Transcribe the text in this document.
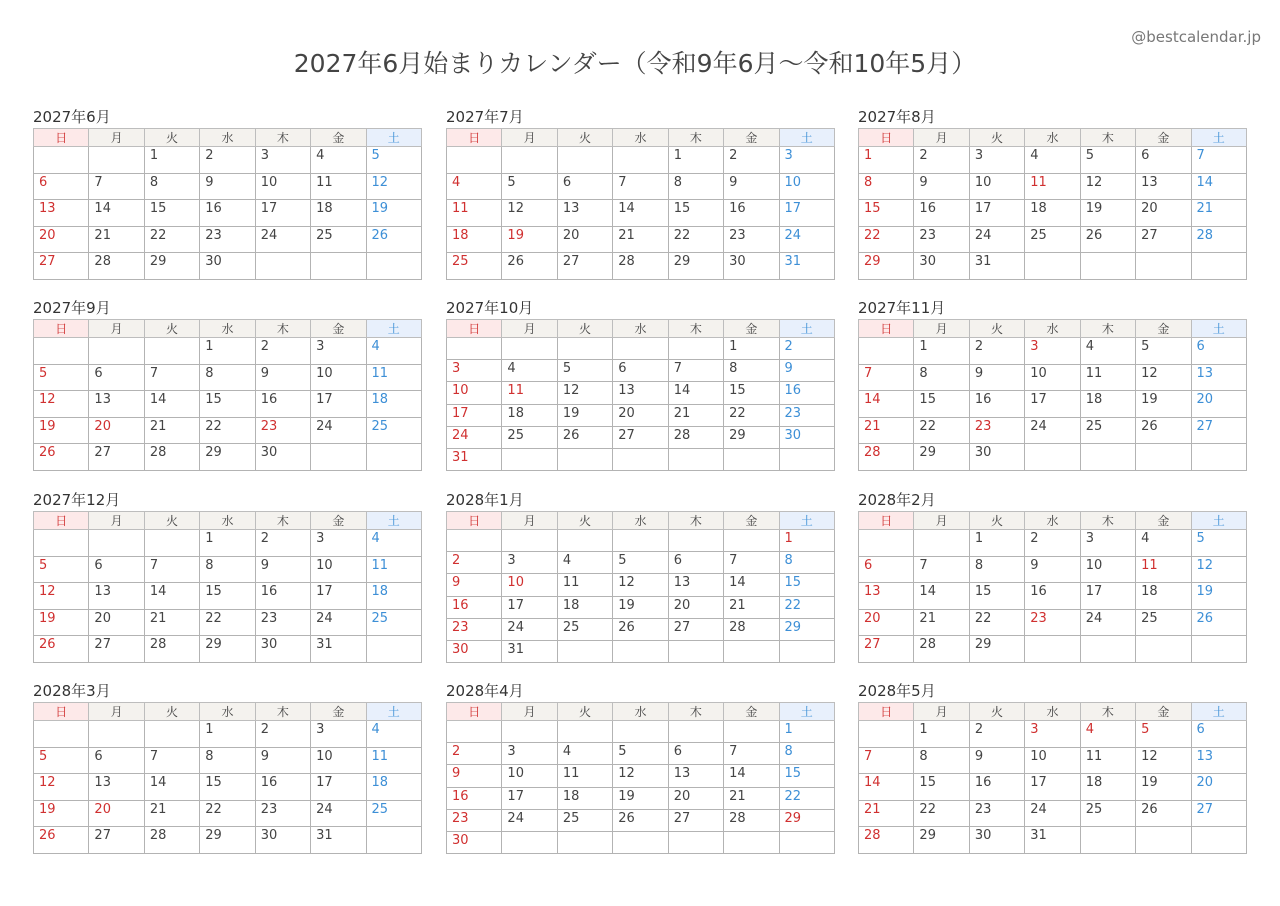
2027年6月始まりカレンダー（令和9年6月～令和10年5月）
@bestcalendar.jp
2027年6月
日	月	火	水	木	金	土
		1	2	3	4	5
6	7	8	9	10	11	12
13	14	15	16	17	18	19
20	21	22	23	24	25	26
27	28	29	30			
2027年7月
日	月	火	水	木	金	土
				1	2	3
4	5	6	7	8	9	10
11	12	13	14	15	16	17
18	19	20	21	22	23	24
25	26	27	28	29	30	31
2027年8月
日	月	火	水	木	金	土
1	2	3	4	5	6	7
8	9	10	11	12	13	14
15	16	17	18	19	20	21
22	23	24	25	26	27	28
29	30	31				
2027年9月
日	月	火	水	木	金	土
			1	2	3	4
5	6	7	8	9	10	11
12	13	14	15	16	17	18
19	20	21	22	23	24	25
26	27	28	29	30		
2027年10月
日	月	火	水	木	金	土
					1	2
3	4	5	6	7	8	9
10	11	12	13	14	15	16
17	18	19	20	21	22	23
24	25	26	27	28	29	30
31						
2027年11月
日	月	火	水	木	金	土
	1	2	3	4	5	6
7	8	9	10	11	12	13
14	15	16	17	18	19	20
21	22	23	24	25	26	27
28	29	30				
2027年12月
日	月	火	水	木	金	土
			1	2	3	4
5	6	7	8	9	10	11
12	13	14	15	16	17	18
19	20	21	22	23	24	25
26	27	28	29	30	31	
2028年1月
日	月	火	水	木	金	土
						1
2	3	4	5	6	7	8
9	10	11	12	13	14	15
16	17	18	19	20	21	22
23	24	25	26	27	28	29
30	31					
2028年2月
日	月	火	水	木	金	土
		1	2	3	4	5
6	7	8	9	10	11	12
13	14	15	16	17	18	19
20	21	22	23	24	25	26
27	28	29				
2028年3月
日	月	火	水	木	金	土
			1	2	3	4
5	6	7	8	9	10	11
12	13	14	15	16	17	18
19	20	21	22	23	24	25
26	27	28	29	30	31	
2028年4月
日	月	火	水	木	金	土
						1
2	3	4	5	6	7	8
9	10	11	12	13	14	15
16	17	18	19	20	21	22
23	24	25	26	27	28	29
30						
2028年5月
日	月	火	水	木	金	土
	1	2	3	4	5	6
7	8	9	10	11	12	13
14	15	16	17	18	19	20
21	22	23	24	25	26	27
28	29	30	31			
